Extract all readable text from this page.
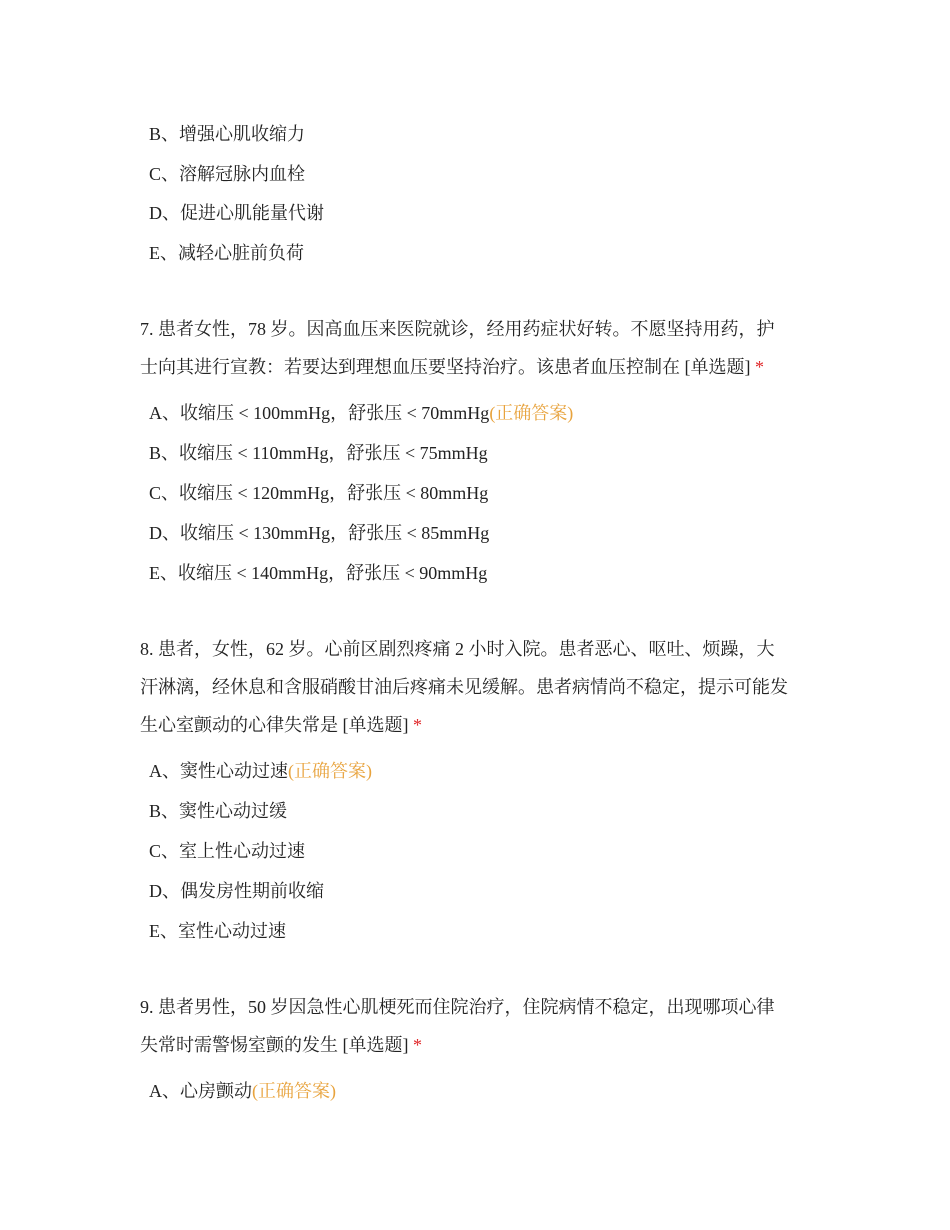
B、增强心肌收缩力
C、溶解冠脉内血栓
D、促进心肌能量代谢
E、减轻心脏前负荷
7. 患者女性，78 岁。因高血压来医院就诊，经用药症状好转。不愿坚持用药，护
士向其进行宣教：若要达到理想血压要坚持治疗。该患者血压控制在 [单选题] *
A、收缩压 < 100mmHg，舒张压 < 70mmHg(正确答案)
B、收缩压 < 110mmHg，舒张压 < 75mmHg
C、收缩压 < 120mmHg，舒张压 < 80mmHg
D、收缩压 < 130mmHg，舒张压 < 85mmHg
E、收缩压 < 140mmHg，舒张压 < 90mmHg
8. 患者，女性，62 岁。心前区剧烈疼痛 2 小时入院。患者恶心、呕吐、烦躁，大
汗淋漓，经休息和含服硝酸甘油后疼痛未见缓解。患者病情尚不稳定，提示可能发
生心室颤动的心律失常是 [单选题] *
A、窦性心动过速(正确答案)
B、窦性心动过缓
C、室上性心动过速
D、偶发房性期前收缩
E、室性心动过速
9. 患者男性，50 岁因急性心肌梗死而住院治疗，住院病情不稳定，出现哪项心律
失常时需警惕室颤的发生 [单选题] *
A、心房颤动(正确答案)
